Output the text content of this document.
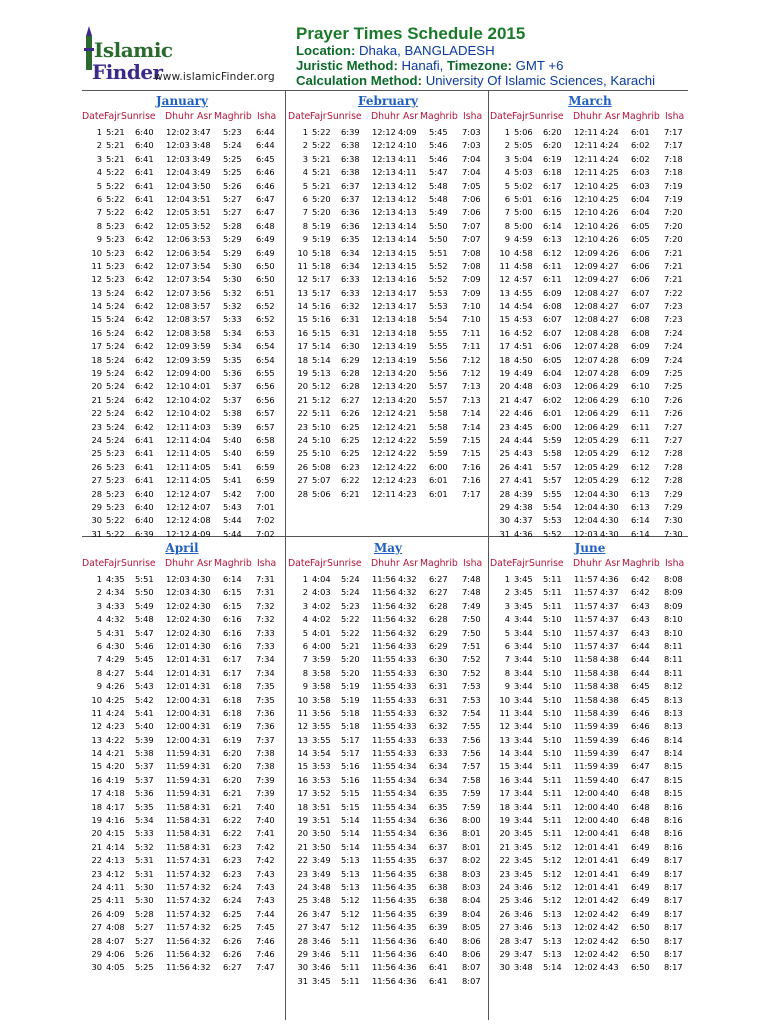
Islamic
Finder
www.islamicFinder.org
Prayer Times Schedule 2015
Location: Dhaka, BANGLADESH
Juristic Method: Hanafi, Timezone: GMT +6
Calculation Method: University Of Islamic Sciences, Karachi
January
Date Fajr Sunrise Dhuhr Asr Maghrib Isha
1 5:21 6:40 12:02 3:47 5:23 6:44
2 5:21 6:40 12:03 3:48 5:24 6:44
3 5:21 6:41 12:03 3:49 5:25 6:45
4 5:22 6:41 12:04 3:49 5:25 6:46
5 5:22 6:41 12:04 3:50 5:26 6:46
6 5:22 6:41 12:04 3:51 5:27 6:47
7 5:22 6:42 12:05 3:51 5:27 6:47
8 5:23 6:42 12:05 3:52 5:28 6:48
9 5:23 6:42 12:06 3:53 5:29 6:49
10 5:23 6:42 12:06 3:54 5:29 6:49
11 5:23 6:42 12:07 3:54 5:30 6:50
12 5:23 6:42 12:07 3:54 5:30 6:50
13 5:24 6:42 12:07 3:56 5:32 6:51
14 5:24 6:42 12:08 3:57 5:32 6:52
15 5:24 6:42 12:08 3:57 5:33 6:52
16 5:24 6:42 12:08 3:58 5:34 6:53
17 5:24 6:42 12:09 3:59 5:34 6:54
18 5:24 6:42 12:09 3:59 5:35 6:54
19 5:24 6:42 12:09 4:00 5:36 6:55
20 5:24 6:42 12:10 4:01 5:37 6:56
21 5:24 6:42 12:10 4:02 5:37 6:56
22 5:24 6:42 12:10 4:02 5:38 6:57
23 5:24 6:42 12:11 4:03 5:39 6:57
24 5:24 6:41 12:11 4:04 5:40 6:58
25 5:23 6:41 12:11 4:05 5:40 6:59
26 5:23 6:41 12:11 4:05 5:41 6:59
27 5:23 6:41 12:11 4:05 5:41 6:59
28 5:23 6:40 12:12 4:07 5:42 7:00
29 5:23 6:40 12:12 4:07 5:43 7:01
30 5:22 6:40 12:12 4:08 5:44 7:02
31 5:22 6:39 12:12 4:09 5:44 7:02
February
Date Fajr Sunrise Dhuhr Asr Maghrib Isha
1 5:22 6:39 12:12 4:09 5:45 7:03
2 5:22 6:38 12:12 4:10 5:46 7:03
3 5:21 6:38 12:13 4:11 5:46 7:04
4 5:21 6:38 12:13 4:11 5:47 7:04
5 5:21 6:37 12:13 4:12 5:48 7:05
6 5:20 6:37 12:13 4:12 5:48 7:06
7 5:20 6:36 12:13 4:13 5:49 7:06
8 5:19 6:36 12:13 4:14 5:50 7:07
9 5:19 6:35 12:13 4:14 5:50 7:07
10 5:18 6:34 12:13 4:15 5:51 7:08
11 5:18 6:34 12:13 4:15 5:52 7:08
12 5:17 6:33 12:13 4:16 5:52 7:09
13 5:17 6:33 12:13 4:17 5:53 7:09
14 5:16 6:32 12:13 4:17 5:53 7:10
15 5:16 6:31 12:13 4:18 5:54 7:10
16 5:15 6:31 12:13 4:18 5:55 7:11
17 5:14 6:30 12:13 4:19 5:55 7:11
18 5:14 6:29 12:13 4:19 5:56 7:12
19 5:13 6:28 12:13 4:20 5:56 7:12
20 5:12 6:28 12:13 4:20 5:57 7:13
21 5:12 6:27 12:13 4:20 5:57 7:13
22 5:11 6:26 12:12 4:21 5:58 7:14
23 5:10 6:25 12:12 4:21 5:58 7:14
24 5:10 6:25 12:12 4:22 5:59 7:15
25 5:10 6:25 12:12 4:22 5:59 7:15
26 5:08 6:23 12:12 4:22 6:00 7:16
27 5:07 6:22 12:12 4:23 6:01 7:16
28 5:06 6:21 12:11 4:23 6:01 7:17
March
Date Fajr Sunrise Dhuhr Asr Maghrib Isha
1 5:06 6:20 12:11 4:24 6:01 7:17
2 5:05 6:20 12:11 4:24 6:02 7:17
3 5:04 6:19 12:11 4:24 6:02 7:18
4 5:03 6:18 12:11 4:25 6:03 7:18
5 5:02 6:17 12:10 4:25 6:03 7:19
6 5:01 6:16 12:10 4:25 6:04 7:19
7 5:00 6:15 12:10 4:26 6:04 7:20
8 5:00 6:14 12:10 4:26 6:05 7:20
9 4:59 6:13 12:10 4:26 6:05 7:20
10 4:58 6:12 12:09 4:26 6:06 7:21
11 4:58 6:11 12:09 4:27 6:06 7:21
12 4:57 6:11 12:09 4:27 6:06 7:21
13 4:55 6:09 12:08 4:27 6:07 7:22
14 4:54 6:08 12:08 4:27 6:07 7:23
15 4:53 6:07 12:08 4:27 6:08 7:23
16 4:52 6:07 12:08 4:28 6:08 7:24
17 4:51 6:06 12:07 4:28 6:09 7:24
18 4:50 6:05 12:07 4:28 6:09 7:24
19 4:49 6:04 12:07 4:28 6:09 7:25
20 4:48 6:03 12:06 4:29 6:10 7:25
21 4:47 6:02 12:06 4:29 6:10 7:26
22 4:46 6:01 12:06 4:29 6:11 7:26
23 4:45 6:00 12:06 4:29 6:11 7:27
24 4:44 5:59 12:05 4:29 6:11 7:27
25 4:43 5:58 12:05 4:29 6:12 7:28
26 4:41 5:57 12:05 4:29 6:12 7:28
27 4:41 5:57 12:05 4:29 6:12 7:28
28 4:39 5:55 12:04 4:30 6:13 7:29
29 4:38 5:54 12:04 4:30 6:13 7:29
30 4:37 5:53 12:04 4:30 6:14 7:30
31 4:36 5:52 12:03 4:30 6:14 7:30
April
Date Fajr Sunrise Dhuhr Asr Maghrib Isha
1 4:35 5:51 12:03 4:30 6:14 7:31
2 4:34 5:50 12:03 4:30 6:15 7:31
3 4:33 5:49 12:02 4:30 6:15 7:32
4 4:32 5:48 12:02 4:30 6:16 7:32
5 4:31 5:47 12:02 4:30 6:16 7:33
6 4:30 5:46 12:01 4:30 6:16 7:33
7 4:29 5:45 12:01 4:31 6:17 7:34
8 4:27 5:44 12:01 4:31 6:17 7:34
9 4:26 5:43 12:01 4:31 6:18 7:35
10 4:25 5:42 12:00 4:31 6:18 7:35
11 4:24 5:41 12:00 4:31 6:18 7:36
12 4:23 5:40 12:00 4:31 6:19 7:36
13 4:22 5:39 12:00 4:31 6:19 7:37
14 4:21 5:38 11:59 4:31 6:20 7:38
15 4:20 5:37 11:59 4:31 6:20 7:38
16 4:19 5:37 11:59 4:31 6:20 7:39
17 4:18 5:36 11:59 4:31 6:21 7:39
18 4:17 5:35 11:58 4:31 6:21 7:40
19 4:16 5:34 11:58 4:31 6:22 7:40
20 4:15 5:33 11:58 4:31 6:22 7:41
21 4:14 5:32 11:58 4:31 6:23 7:42
22 4:13 5:31 11:57 4:31 6:23 7:42
23 4:12 5:31 11:57 4:32 6:23 7:43
24 4:11 5:30 11:57 4:32 6:24 7:43
25 4:11 5:30 11:57 4:32 6:24 7:43
26 4:09 5:28 11:57 4:32 6:25 7:44
27 4:08 5:27 11:57 4:32 6:25 7:45
28 4:07 5:27 11:56 4:32 6:26 7:46
29 4:06 5:26 11:56 4:32 6:26 7:46
30 4:05 5:25 11:56 4:32 6:27 7:47
May
Date Fajr Sunrise Dhuhr Asr Maghrib Isha
1 4:04 5:24 11:56 4:32 6:27 7:48
2 4:03 5:24 11:56 4:32 6:27 7:48
3 4:02 5:23 11:56 4:32 6:28 7:49
4 4:02 5:22 11:56 4:32 6:28 7:50
5 4:01 5:22 11:56 4:32 6:29 7:50
6 4:00 5:21 11:56 4:33 6:29 7:51
7 3:59 5:20 11:55 4:33 6:30 7:52
8 3:58 5:20 11:55 4:33 6:30 7:52
9 3:58 5:19 11:55 4:33 6:31 7:53
10 3:58 5:19 11:55 4:33 6:31 7:53
11 3:56 5:18 11:55 4:33 6:32 7:54
12 3:55 5:18 11:55 4:33 6:32 7:55
13 3:55 5:17 11:55 4:33 6:33 7:56
14 3:54 5:17 11:55 4:33 6:33 7:56
15 3:53 5:16 11:55 4:34 6:34 7:57
16 3:53 5:16 11:55 4:34 6:34 7:58
17 3:52 5:15 11:55 4:34 6:35 7:59
18 3:51 5:15 11:55 4:34 6:35 7:59
19 3:51 5:14 11:55 4:34 6:36 8:00
20 3:50 5:14 11:55 4:34 6:36 8:01
21 3:50 5:14 11:55 4:34 6:37 8:01
22 3:49 5:13 11:55 4:35 6:37 8:02
23 3:49 5:13 11:56 4:35 6:38 8:03
24 3:48 5:13 11:56 4:35 6:38 8:03
25 3:48 5:12 11:56 4:35 6:38 8:04
26 3:47 5:12 11:56 4:35 6:39 8:04
27 3:47 5:12 11:56 4:35 6:39 8:05
28 3:46 5:11 11:56 4:36 6:40 8:06
29 3:46 5:11 11:56 4:36 6:40 8:06
30 3:46 5:11 11:56 4:36 6:41 8:07
31 3:45 5:11 11:56 4:36 6:41 8:07
June
Date Fajr Sunrise Dhuhr Asr Maghrib Isha
1 3:45 5:11 11:57 4:36 6:42 8:08
2 3:45 5:11 11:57 4:37 6:42 8:09
3 3:45 5:11 11:57 4:37 6:43 8:09
4 3:44 5:10 11:57 4:37 6:43 8:10
5 3:44 5:10 11:57 4:37 6:43 8:10
6 3:44 5:10 11:57 4:37 6:44 8:11
7 3:44 5:10 11:58 4:38 6:44 8:11
8 3:44 5:10 11:58 4:38 6:44 8:11
9 3:44 5:10 11:58 4:38 6:45 8:12
10 3:44 5:10 11:58 4:38 6:45 8:13
11 3:44 5:10 11:58 4:39 6:46 8:13
12 3:44 5:10 11:59 4:39 6:46 8:13
13 3:44 5:10 11:59 4:39 6:46 8:14
14 3:44 5:10 11:59 4:39 6:47 8:14
15 3:44 5:11 11:59 4:39 6:47 8:15
16 3:44 5:11 11:59 4:40 6:47 8:15
17 3:44 5:11 12:00 4:40 6:48 8:15
18 3:44 5:11 12:00 4:40 6:48 8:16
19 3:44 5:11 12:00 4:40 6:48 8:16
20 3:45 5:11 12:00 4:41 6:48 8:16
21 3:45 5:12 12:01 4:41 6:49 8:16
22 3:45 5:12 12:01 4:41 6:49 8:17
23 3:45 5:12 12:01 4:41 6:49 8:17
24 3:46 5:12 12:01 4:41 6:49 8:17
25 3:46 5:12 12:01 4:42 6:49 8:17
26 3:46 5:13 12:02 4:42 6:49 8:17
27 3:46 5:13 12:02 4:42 6:50 8:17
28 3:47 5:13 12:02 4:42 6:50 8:17
29 3:47 5:13 12:02 4:42 6:50 8:17
30 3:48 5:14 12:02 4:43 6:50 8:17
